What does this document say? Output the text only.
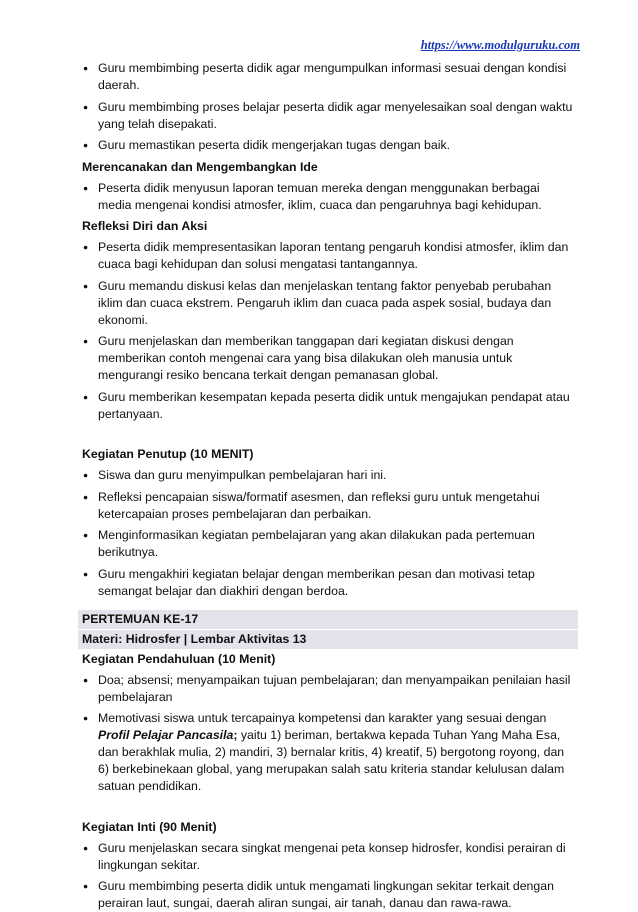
https://www.modulguruku.com
● Guru membimbing peserta didik agar mengumpulkan informasi sesuai dengan kondisi daerah.
● Guru membimbing proses belajar peserta didik agar menyelesaikan soal dengan waktu yang telah disepakati.
● Guru memastikan peserta didik mengerjakan tugas dengan baik.
Merencanakan dan Mengembangkan Ide
● Peserta didik menyusun laporan temuan mereka dengan menggunakan berbagai media mengenai kondisi atmosfer, iklim, cuaca dan pengaruhnya bagi kehidupan.
Refleksi Diri dan Aksi
● Peserta didik mempresentasikan laporan tentang pengaruh kondisi atmosfer, iklim dan cuaca bagi kehidupan dan solusi mengatasi tantangannya.
● Guru memandu diskusi kelas dan menjelaskan tentang faktor penyebab perubahan iklim dan cuaca ekstrem. Pengaruh iklim dan cuaca pada aspek sosial, budaya dan ekonomi.
● Guru menjelaskan dan memberikan tanggapan dari kegiatan diskusi dengan memberikan contoh mengenai cara yang bisa dilakukan oleh manusia untuk mengurangi resiko bencana terkait dengan pemanasan global.
● Guru memberikan kesempatan kepada peserta didik untuk mengajukan pendapat atau pertanyaan.
Kegiatan Penutup (10 MENIT)
● Siswa dan guru menyimpulkan pembelajaran hari ini.
● Refleksi pencapaian siswa/formatif asesmen, dan refleksi guru untuk mengetahui ketercapaian proses pembelajaran dan perbaikan.
● Menginformasikan kegiatan pembelajaran yang akan dilakukan pada pertemuan berikutnya.
● Guru mengakhiri kegiatan belajar dengan memberikan pesan dan motivasi tetap semangat belajar dan diakhiri dengan berdoa.
PERTEMUAN KE-17
Materi: Hidrosfer | Lembar Aktivitas 13
Kegiatan Pendahuluan (10 Menit)
● Doa; absensi; menyampaikan tujuan pembelajaran; dan menyampaikan penilaian hasil pembelajaran
● Memotivasi siswa untuk tercapainya kompetensi dan karakter yang sesuai dengan Profil Pelajar Pancasila; yaitu 1) beriman, bertakwa kepada Tuhan Yang Maha Esa, dan berakhlak mulia, 2) mandiri, 3) bernalar kritis, 4) kreatif, 5) bergotong royong, dan 6) berkebinekaan global, yang merupakan salah satu kriteria standar kelulusan dalam satuan pendidikan.
Kegiatan Inti (90 Menit)
● Guru menjelaskan secara singkat mengenai peta konsep hidrosfer, kondisi perairan di lingkungan sekitar.
● Guru membimbing peserta didik untuk mengamati lingkungan sekitar terkait dengan perairan laut, sungai, daerah aliran sungai, air tanah, danau dan rawa-rawa.
